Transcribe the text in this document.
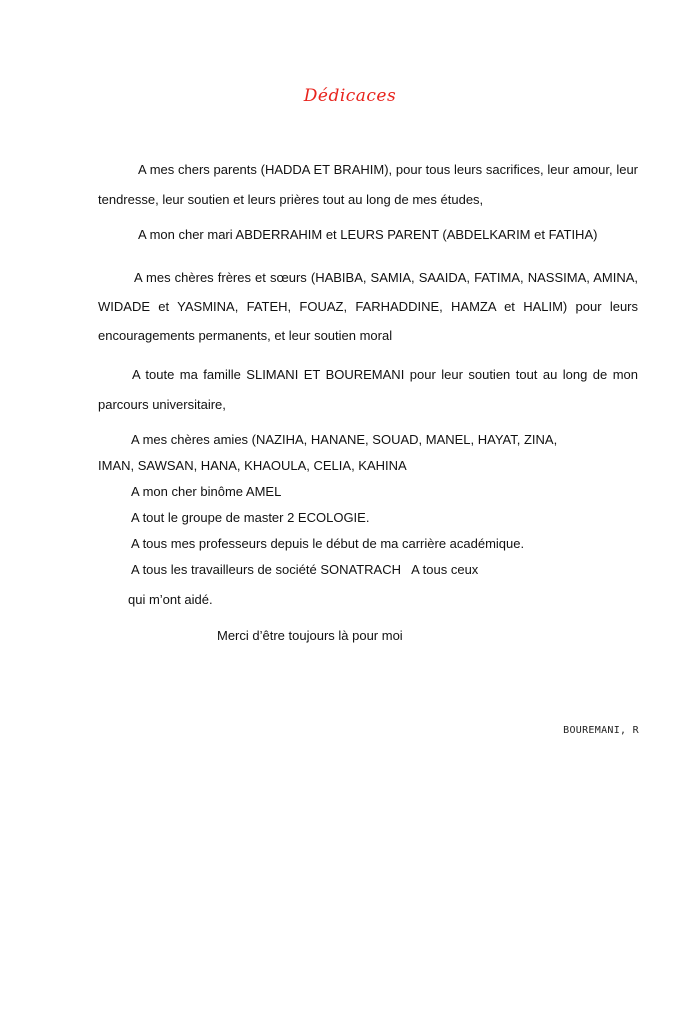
Dédicaces

A mes chers parents (HADDA ET BRAHIM), pour tous leurs sacrifices, leur amour, leur tendresse, leur soutien et leurs prières tout au long de mes études,

A mon cher mari ABDERRAHIM et LEURS PARENT (ABDELKARIM et FATIHA)

A mes chères frères et sœurs (HABIBA, SAMIA, SAAIDA, FATIMA, NASSIMA, AMINA, WIDADE et YASMINA, FATEH, FOUAZ, FARHADDINE, HAMZA et HALIM) pour leurs encouragements permanents, et leur soutien moral

A toute ma famille SLIMANI ET BOUREMANI pour leur soutien tout au long de mon parcours universitaire,

A mes chères amies (NAZIHA, HANANE, SOUAD, MANEL, HAYAT, ZINA,
IMAN, SAWSAN, HANA, KHAOULA, CELIA, KAHINA
A mon cher binôme AMEL
A tout le groupe de master 2 ECOLOGIE.
A tous mes professeurs depuis le début de ma carrière académique.
A tous les travailleurs de société SONATRACH   A tous ceux
qui m’ont aidé.
Merci d’être toujours là pour moi
BOUREMANI, R
